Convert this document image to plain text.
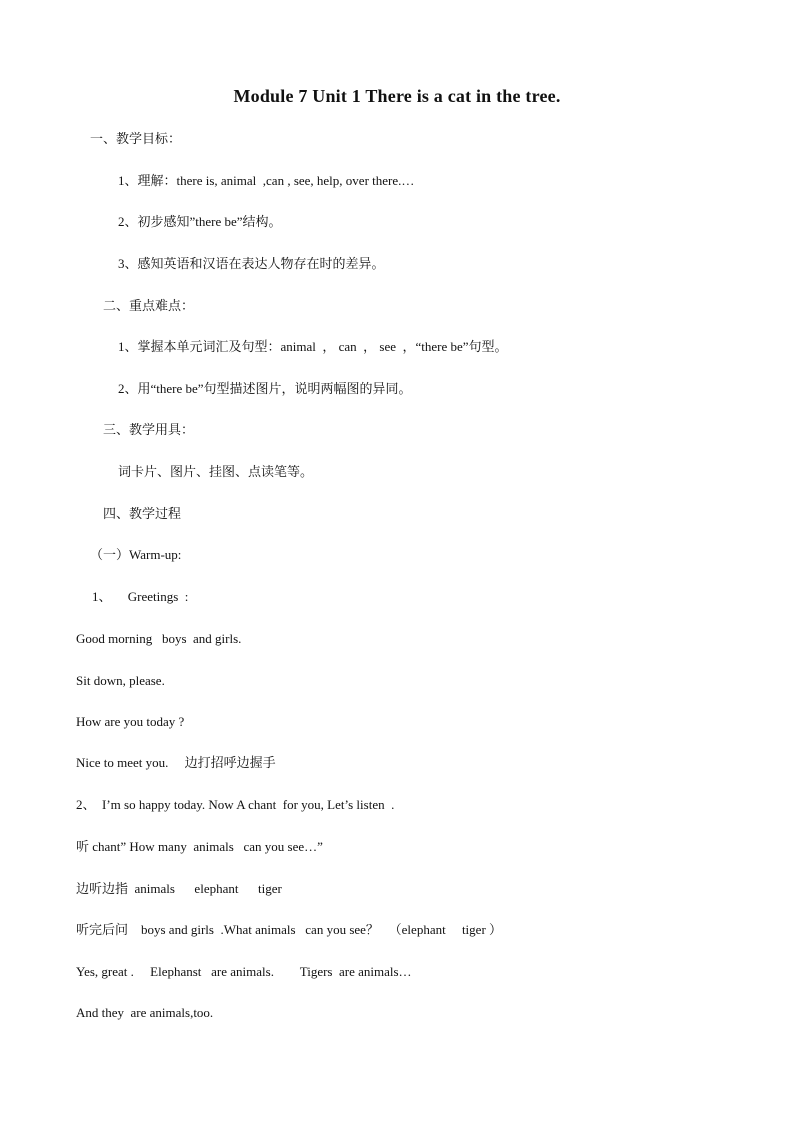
Module 7 Unit 1 There is a cat in the tree.
一、教学目标：
1、理解：there is, animal  ,can , see, help, over there.…
2、初步感知”there be”结构。
3、感知英语和汉语在表达人物存在时的差异。
二、重点难点：
1、掌握本单元词汇及句型：animal  ， can  ， see  ，“there be”句型。
2、用“there be”句型描述图片，说明两幅图的异同。
三、教学用具：
词卡片、图片、挂图、点读笔等。
四、教学过程
（一）Warm-up:
1、     Greetings  :
Good morning   boys  and girls.
Sit down, please.
How are you today ?
Nice to meet you.     边打招呼边握手
2、  I’m so happy today. Now A chant  for you, Let’s listen  .
听 chant” How many  animals   can you see…”
边听边指  animals      elephant      tiger
听完后问    boys and girls  .What animals   can you see？   （elephant     tiger ）
Yes, great .     Elephanst   are animals.        Tigers  are animals…
And they  are animals,too.
